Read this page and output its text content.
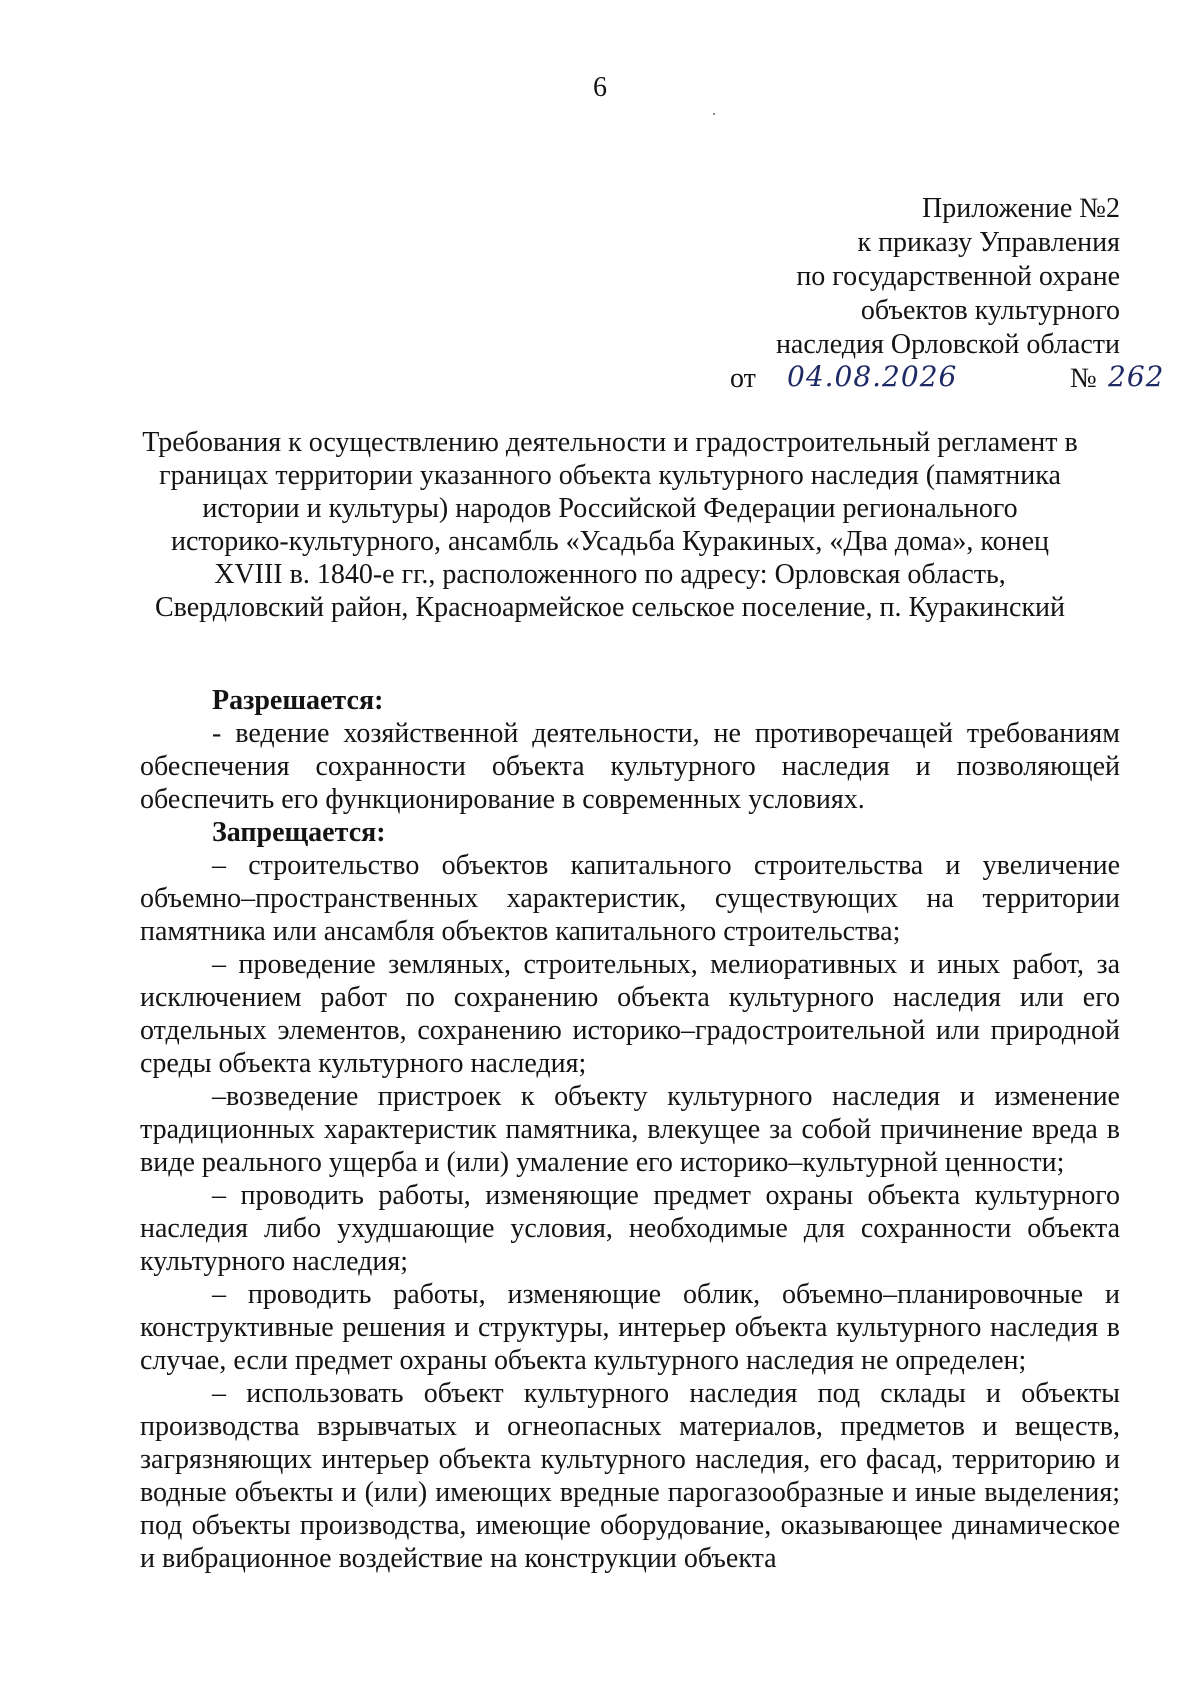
6
Приложение №2
к приказу Управления
по государственной охране
объектов культурного
наследия Орловской области
от 04.08.2026	№ 262
Требования к осуществлению деятельности и градостроительный регламент в границах территории указанного объекта культурного наследия (памятника истории и культуры) народов Российской Федерации регионального историко-культурного, ансамбль «Усадьба Куракиных, «Два дома», конец XVIII в. 1840-е гг., расположенного по адресу: Орловская область, Свердловский район, Красноармейское сельское поселение, п. Куракинский
Разрешается:

- ведение хозяйственной деятельности, не противоречащей требованиям обеспечения сохранности объекта культурного наследия и позволяющей обеспечить его функционирование в современных условиях.

Запрещается:

– строительство объектов капитального строительства и увеличение объемно–пространственных характеристик, существующих на территории памятника или ансамбля объектов капитального строительства;

– проведение земляных, строительных, мелиоративных и иных работ, за исключением работ по сохранению объекта культурного наследия или его отдельных элементов, сохранению историко–градостроительной или природной среды объекта культурного наследия;

–возведение пристроек к объекту культурного наследия и изменение традиционных характеристик памятника, влекущее за собой причинение вреда в виде реального ущерба и (или) умаление его историко–культурной ценности;

– проводить работы, изменяющие предмет охраны объекта культурного наследия либо ухудшающие условия, необходимые для сохранности объекта культурного наследия;

– проводить работы, изменяющие облик, объемно–планировочные и конструктивные решения и структуры, интерьер объекта культурного наследия в случае, если предмет охраны объекта культурного наследия не определен;

– использовать объект культурного наследия под склады и объекты производства взрывчатых и огнеопасных материалов, предметов и веществ, загрязняющих интерьер объекта культурного наследия, его фасад, территорию и водные объекты и (или) имеющих вредные парогазообразные и иные выделения; под объекты производства, имеющие оборудование, оказывающее динамическое и вибрационное воздействие на конструкции объекта
